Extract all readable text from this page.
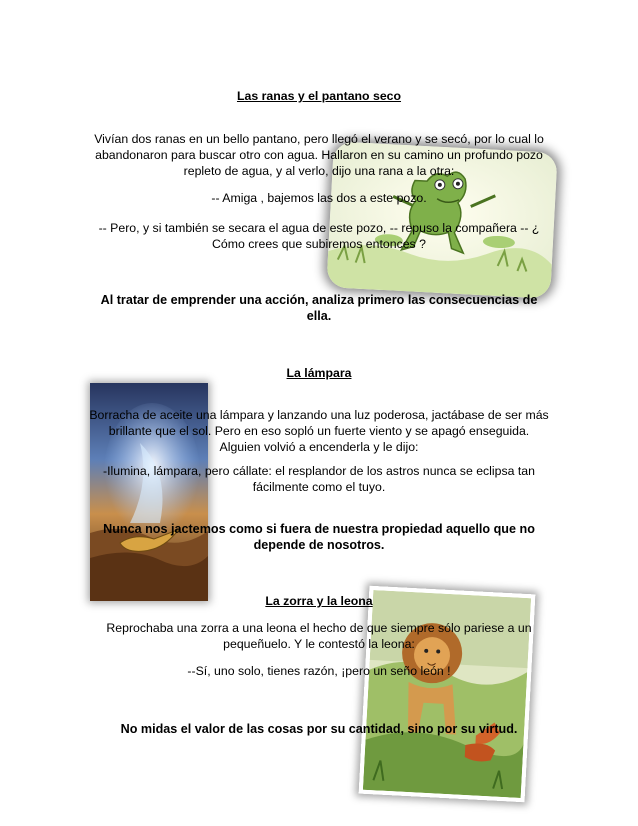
Las ranas y el pantano seco
Vivían dos ranas en un bello pantano, pero llegó el verano y se secó, por lo cual lo abandonaron para buscar otro con agua. Hallaron en su camino un profundo pozo repleto de agua, y al verlo, dijo una rana a la otra:
-- Amiga , bajemos las dos a este pozo.
-- Pero, y si también se secara el agua de este pozo, -- repuso la compañera -- ¿ Cómo crees que subiremos entonces ?
Al tratar de emprender una acción, analiza primero las consecuencias de ella.
La lámpara
Borracha de aceite una lámpara y lanzando una luz poderosa, jactábase de ser más brillante que el sol. Pero en eso sopló un fuerte viento y se apagó enseguida. Alguien volvió a encenderla y le dijo:
-Ilumina, lámpara, pero cállate: el resplandor de los astros nunca se eclipsa tan fácilmente como el tuyo.
Nunca nos jactemos como si fuera de nuestra propiedad aquello que no depende de nosotros.
La zorra y la leona
Reprochaba una zorra a una leona el hecho de que siempre sólo pariese a un pequeñuelo. Y le contestó la leona:
--Sí, uno solo, tienes razón, ¡pero un seño león !
No midas el valor de las cosas por su cantidad, sino por su virtud.
